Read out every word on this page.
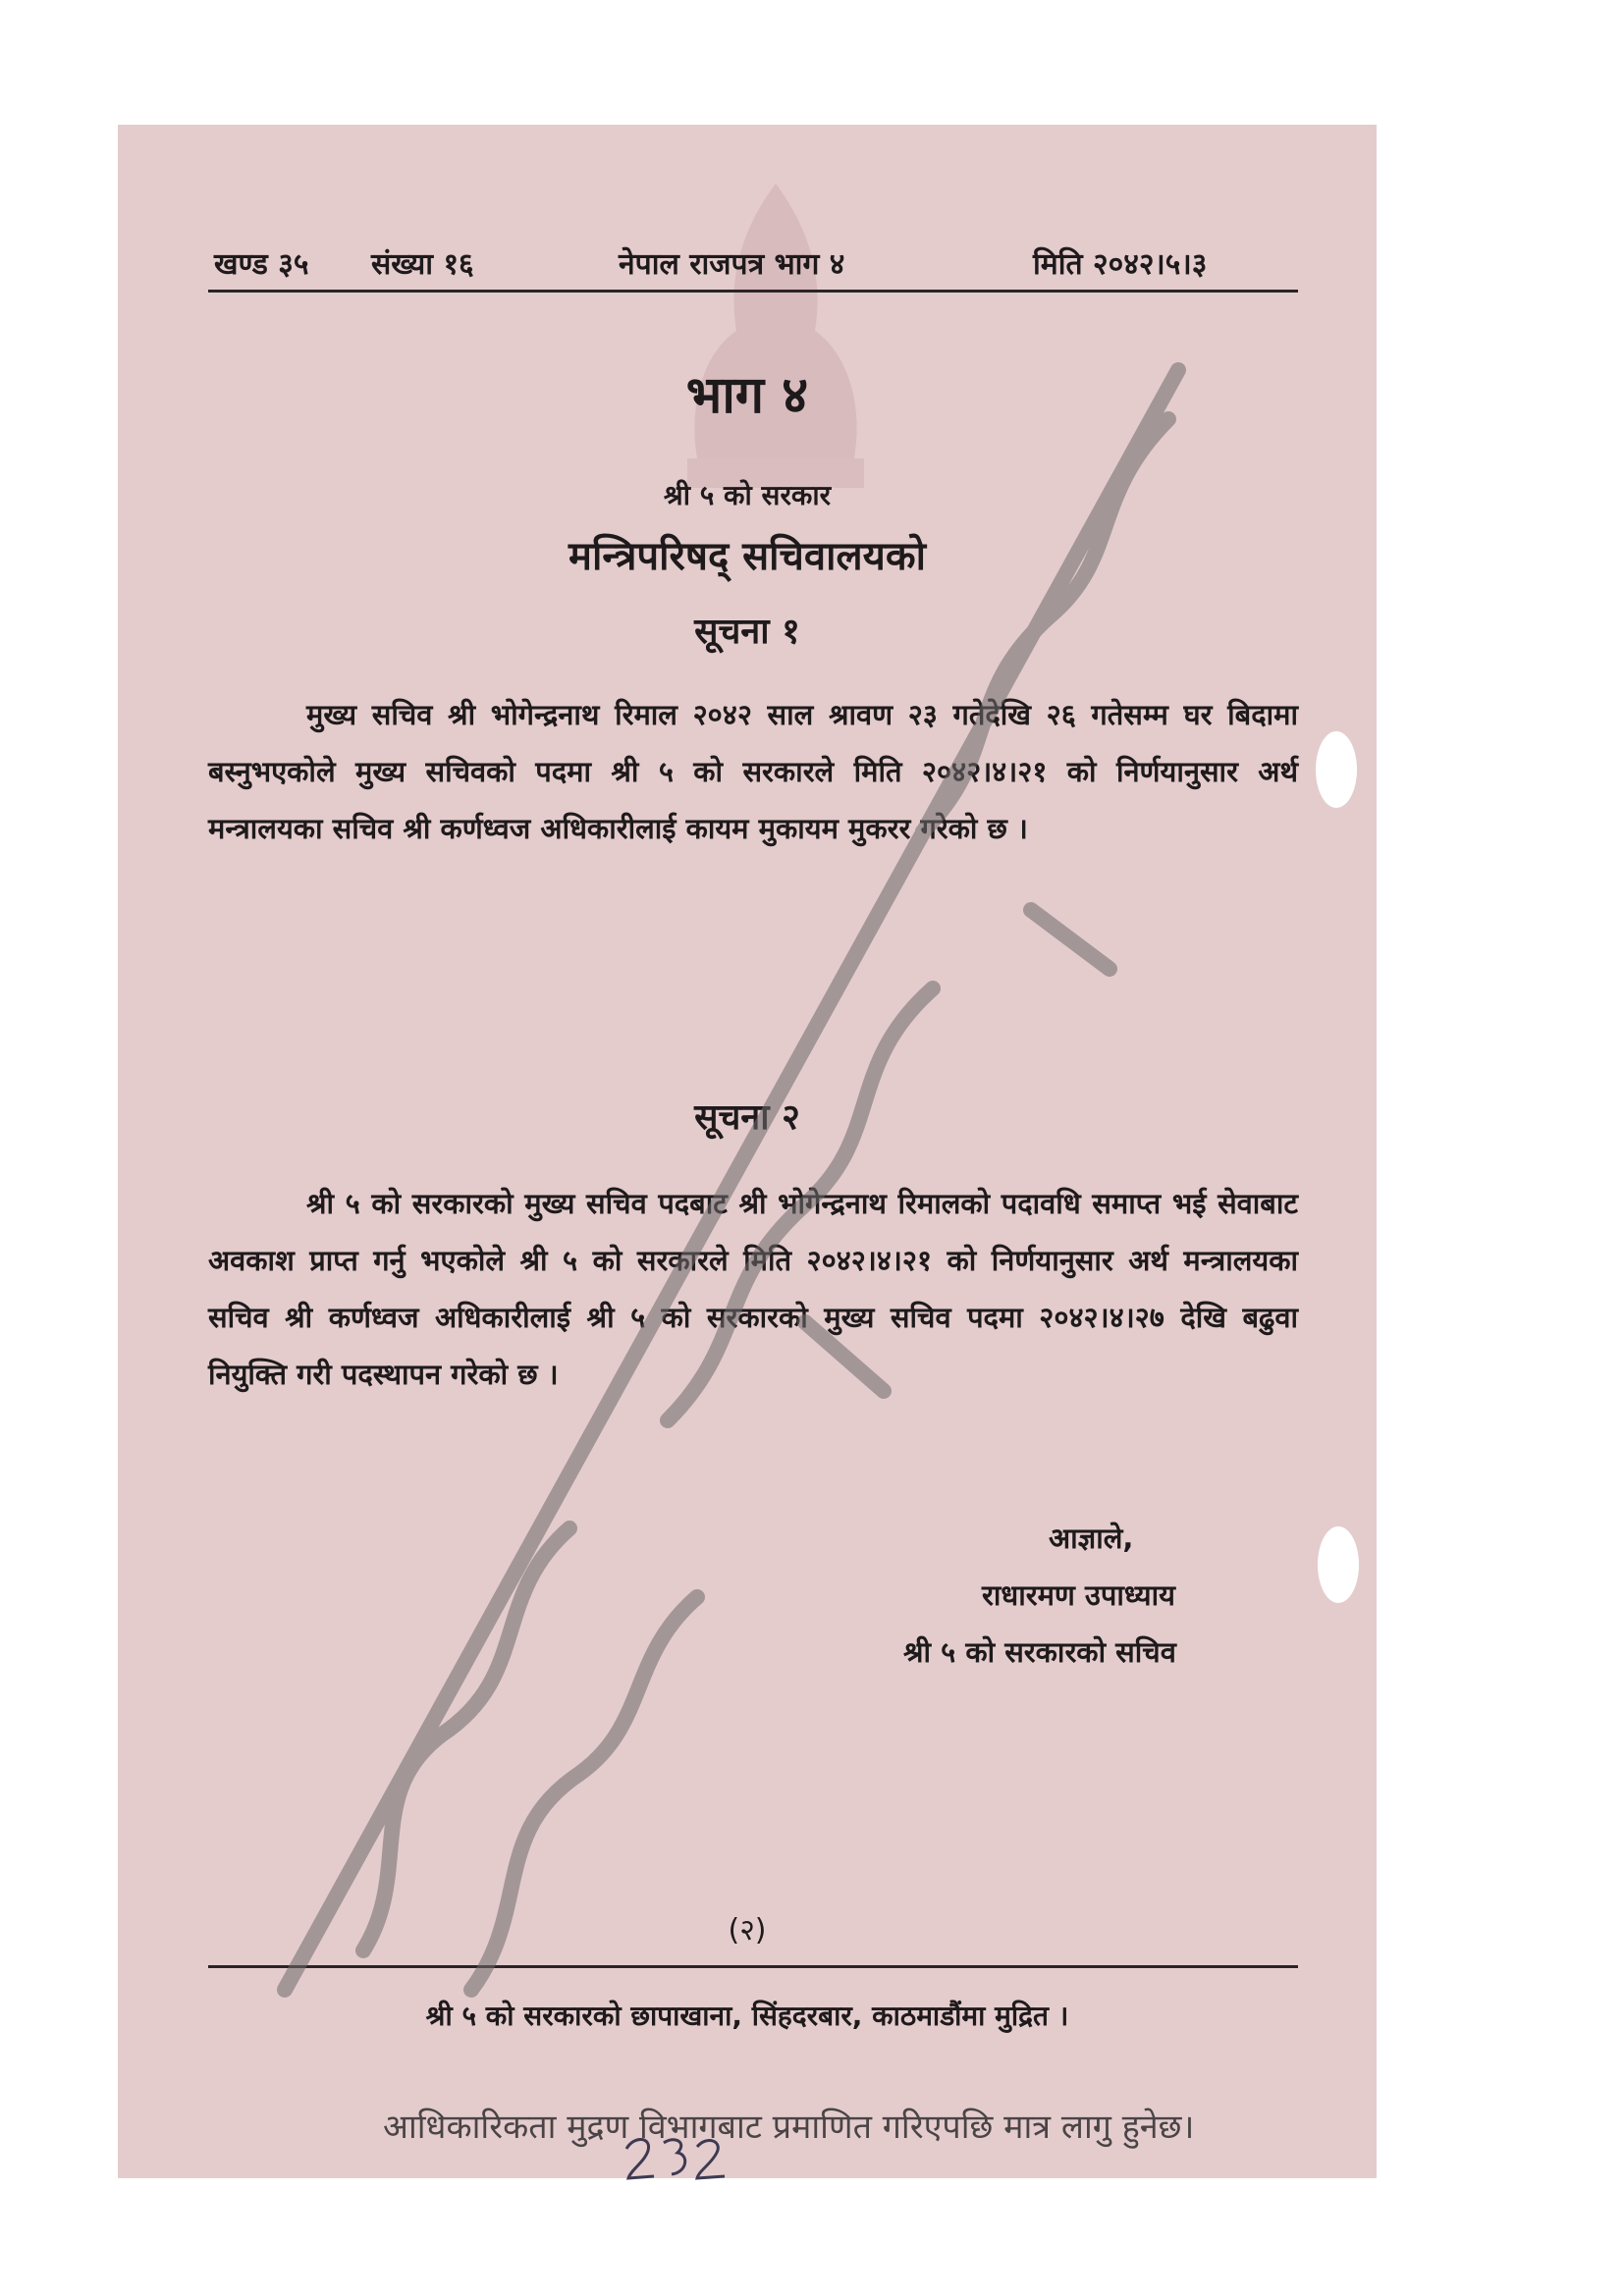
खण्ड ३५ संख्या १६	नेपाल राजपत्र भाग ४	मिति २०४२।५।३
भाग ४
श्री ५ को सरकार
मन्त्रिपरिषद् सचिवालयको
सूचना १
मुख्य सचिव श्री भोगेन्द्रनाथ रिमाल २०४२ साल श्रावण २३ गतेदेखि २६ गतेसम्म घर बिदामा बस्नुभएकोले मुख्य सचिवको पदमा श्री ५ को सरकारले मिति २०४२।४।२१ को निर्णयानुसार अर्थ मन्त्रालयका सचिव श्री कर्णध्वज अधिकारीलाई कायम मुकायम मुकरर गरेको छ ।
सूचना २
श्री ५ को सरकारको मुख्य सचिव पदबाट श्री भोगेन्द्रनाथ रिमालको पदावधि समाप्त भई सेवाबाट अवकाश प्राप्त गर्नु भएकोले श्री ५ को सरकारले मिति २०४२।४।२१ को निर्णयानुसार अर्थ मन्त्रालयका सचिव श्री कर्णध्वज अधिकारीलाई श्री ५ को सरकारको मुख्य सचिव पदमा २०४२।४।२७ देखि बढुवा नियुक्ति गरी पदस्थापन गरेको छ ।
आज्ञाले,
राधारमण उपाध्याय
श्री ५ को सरकारको सचिव
(२)
श्री ५ को सरकारको छापाखाना, सिंहदरबार, काठमाडौंमा मुद्रित ।
आधिकारिकता मुद्रण विभागबाट प्रमाणित गरिएपछि मात्र लागु हुनेछ।
